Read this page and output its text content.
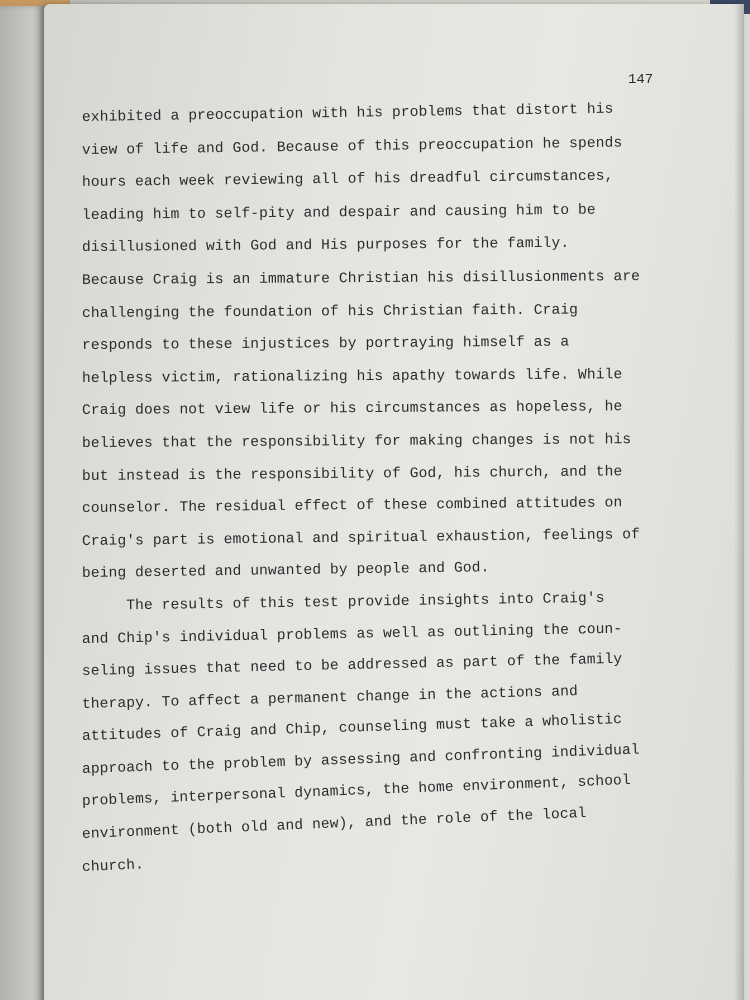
147
exhibited a preoccupation with his problems that distort his
view of life and God. Because of this preoccupation he spends
hours each week reviewing all of his dreadful circumstances,
leading him to self-pity and despair and causing him to be
disillusioned with God and His purposes for the family.
Because Craig is an immature Christian his disillusionments are
challenging the foundation of his Christian faith. Craig
responds to these injustices by portraying himself as a
helpless victim, rationalizing his apathy towards life. While
Craig does not view life or his circumstances as hopeless, he
believes that the responsibility for making changes is not his
but instead is the responsibility of God, his church, and the
counselor. The residual effect of these combined attitudes on
Craig's part is emotional and spiritual exhaustion, feelings of
being deserted and unwanted by people and God.
The results of this test provide insights into Craig's
and Chip's individual problems as well as outlining the coun-
seling issues that need to be addressed as part of the family
therapy. To affect a permanent change in the actions and
attitudes of Craig and Chip, counseling must take a wholistic
approach to the problem by assessing and confronting individual
problems, interpersonal dynamics, the home environment, school
environment (both old and new), and the role of the local
church.
